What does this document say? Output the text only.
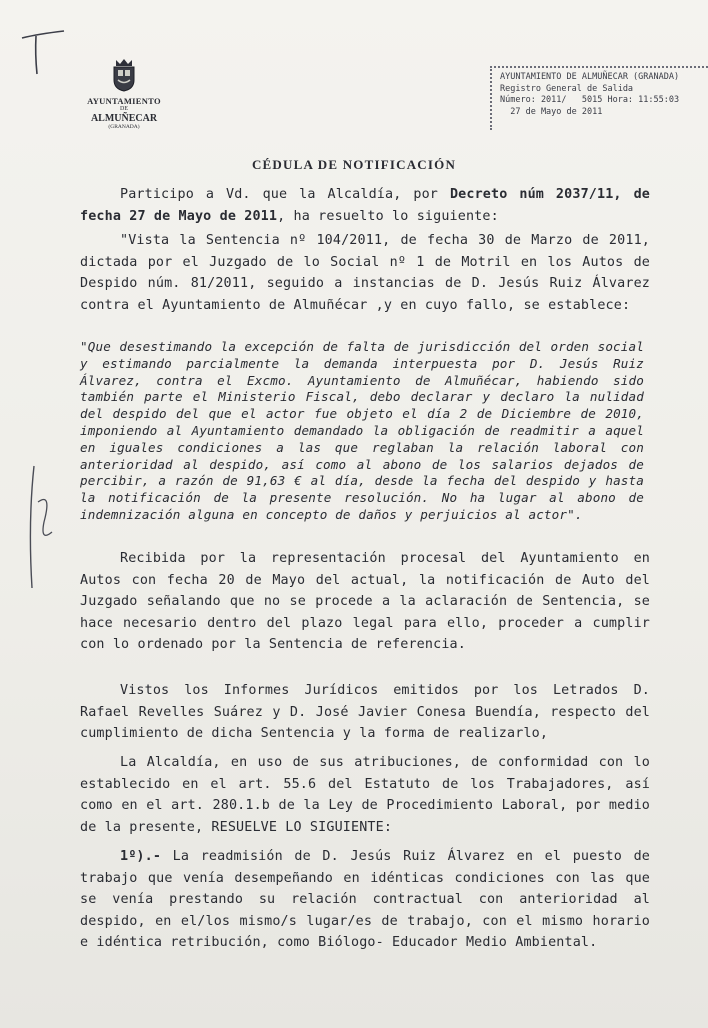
AYUNTAMIENTO
DE
ALMUÑECAR
(GRANADA)
AYUNTAMIENTO DE ALMUÑECAR (GRANADA)
Registro General de Salida
Número: 2011/   5015 Hora: 11:55:03
27 de Mayo de 2011
CÉDULA DE NOTIFICACIÓN
Participo a Vd. que la Alcaldía, por Decreto núm 2037/11, de fecha 27 de Mayo de 2011, ha resuelto lo siguiente:
"Vista la Sentencia nº 104/2011, de fecha 30 de Marzo de 2011, dictada por el Juzgado de lo Social nº 1 de Motril en los Autos de Despido núm. 81/2011, seguido a instancias de D. Jesús Ruiz Álvarez contra el Ayuntamiento de Almuñécar ,y en cuyo fallo, se establece:
"Que desestimando la excepción de falta de jurisdicción del orden social y estimando parcialmente la demanda interpuesta por D. Jesús Ruiz Álvarez, contra el Excmo. Ayuntamiento de Almuñécar, habiendo sido también parte el Ministerio Fiscal, debo declarar y declaro la nulidad del despido del que el actor fue objeto el día 2 de Diciembre de 2010, imponiendo al Ayuntamiento demandado la obligación de readmitir a aquel en iguales condiciones a las que reglaban la relación laboral con anterioridad al despido, así como al abono de los salarios dejados de percibir, a razón de 91,63 € al día, desde la fecha del despido y hasta la notificación de la presente resolución. No ha lugar al abono de indemnización alguna en concepto de daños y perjuicios al actor".
Recibida por la representación procesal del Ayuntamiento en Autos con fecha 20 de Mayo del actual, la notificación de Auto del Juzgado señalando que no se procede a la aclaración de Sentencia, se hace necesario dentro del plazo legal para ello, proceder a cumplir con lo ordenado por la Sentencia de referencia.
Vistos los Informes Jurídicos emitidos por los Letrados D. Rafael Revelles Suárez y D. José Javier Conesa Buendía, respecto del cumplimiento de dicha Sentencia y la forma de realizarlo,
La Alcaldía, en uso de sus atribuciones, de conformidad con lo establecido en el art. 55.6 del Estatuto de los Trabajadores, así como en el art. 280.1.b de la Ley de Procedimiento Laboral, por medio de la presente, RESUELVE LO SIGUIENTE:
1º).- La readmisión de D. Jesús Ruiz Álvarez en el puesto de trabajo que venía desempeñando en idénticas condiciones con las que se venía prestando su relación contractual con anterioridad al despido, en el/los mismo/s lugar/es de trabajo, con el mismo horario e idéntica retribución, como Biólogo- Educador Medio Ambiental.
